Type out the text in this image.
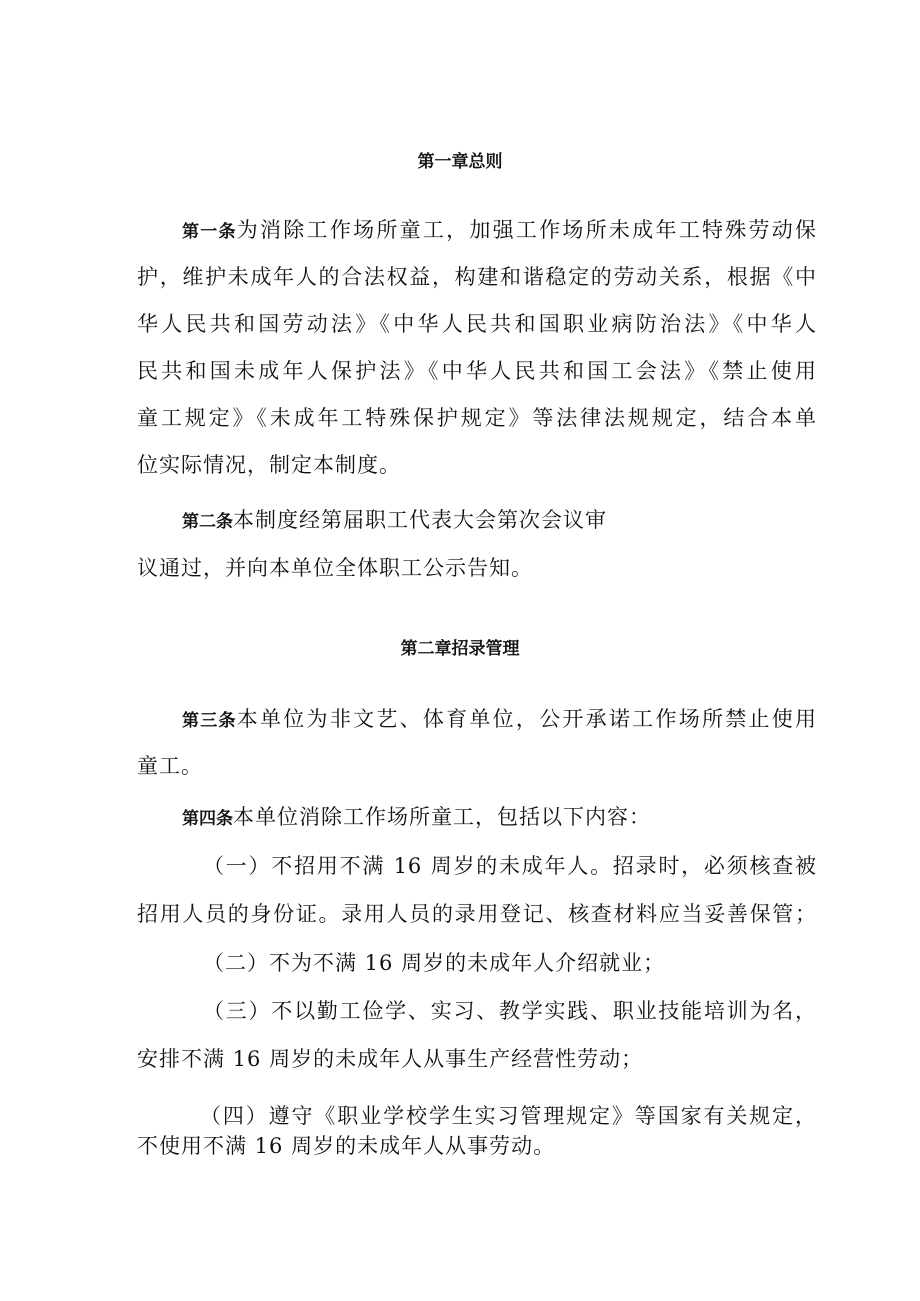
第一章总则
第一条为消除工作场所童工，加强工作场所未成年工特殊劳动保
护，维护未成年人的合法权益，构建和谐稳定的劳动关系，根据《中
华人民共和国劳动法》《中华人民共和国职业病防治法》《中华人
民共和国未成年人保护法》《中华人民共和国工会法》《禁止使用
童工规定》《未成年工特殊保护规定》等法律法规规定，结合本单
位实际情况，制定本制度。
第二条本制度经第届职工代表大会第次会议审
议通过，并向本单位全体职工公示告知。
第二章招录管理
第三条本单位为非文艺、体育单位，公开承诺工作场所禁止使用
童工。
第四条本单位消除工作场所童工，包括以下内容：
（一）不招用不满 16 周岁的未成年人。招录时，必须核查被
招用人员的身份证。录用人员的录用登记、核查材料应当妥善保管；
（二）不为不满 16 周岁的未成年人介绍就业；
（三）不以勤工俭学、实习、教学实践、职业技能培训为名，
安排不满 16 周岁的未成年人从事生产经营性劳动；
（四）遵守《职业学校学生实习管理规定》等国家有关规定，
不使用不满 16 周岁的未成年人从事劳动。
